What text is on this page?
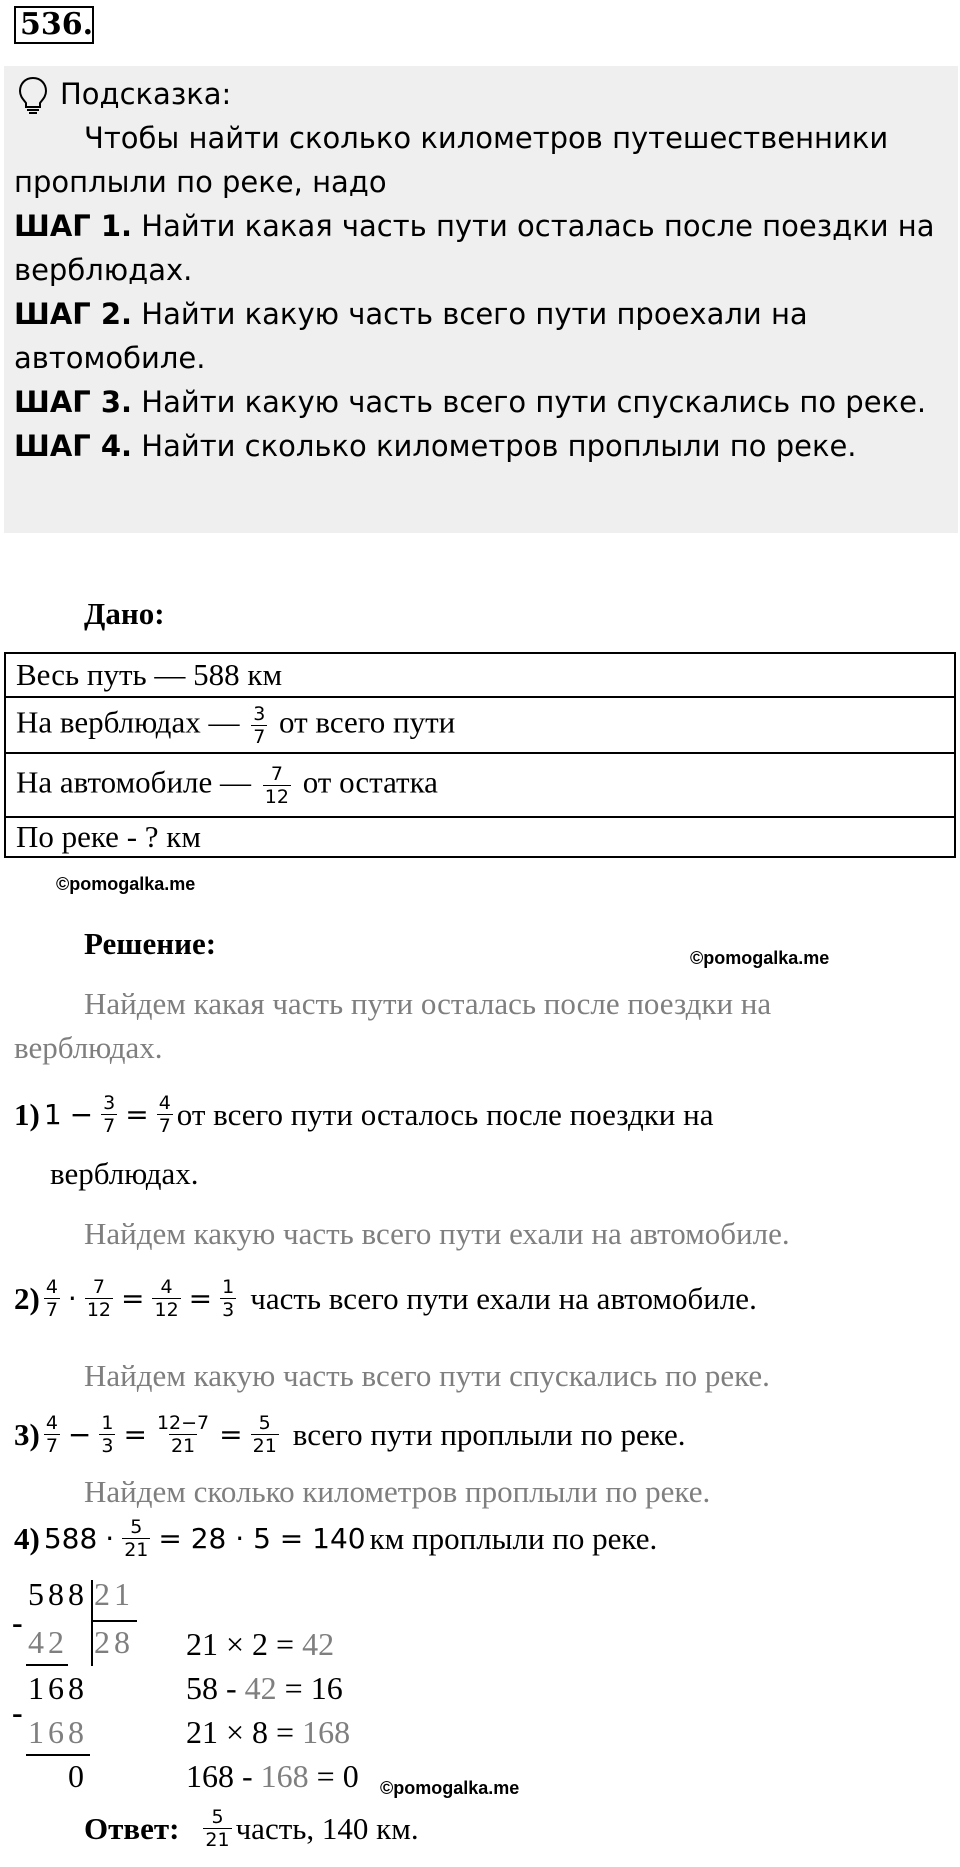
536.
Подсказка:
Чтобы найти сколько километров путешественники проплыли по реке, надо
ШАГ 1. Найти какая часть пути осталась после поездки на верблюдах.
ШАГ 2. Найти какую часть всего пути проехали на автомобиле.
ШАГ 3. Найти какую часть всего пути спускались по реке.
ШАГ 4. Найти сколько километров проплыли по реке.
Дано:
Весь путь — 588 км
На верблюдах — $\frac{3}{7}$ от всего пути
На автомобиле — $\frac{7}{12}$ от остатка
По реке - ? км
©pomogalka.me
Решение:	©pomogalka.me
Найдем какая часть пути осталась после поездки на
верблюдах.
1) $1 - \frac{3}{7} = \frac{4}{7}$ от всего пути осталось после поездки на
верблюдах.
Найдем какую часть всего пути ехали на автомобиле.
$2) \frac{4}{7} \cdot \frac{7}{12} = \frac{4}{12} = \frac{1}{3}$ часть всего пути ехали на автомобиле.
Найдем какую часть всего пути спускались по реке.
$3) \frac{4}{7} - \frac{1}{3} = \frac{12-7}{21} = \frac{5}{21}$ всего пути проплыли по реке.
Найдем сколько километров проплыли по реке.
4) $588 \cdot \frac{5}{21} = 28 \cdot 5 = 140$ км проплыли по реке.
588 21
28
-
42
168
-
168
0
21 × 2 = 42
58 - 42 = 16
21 × 8 = 168
168 - 168 = 0 ©pomogalka.me
Ответ: $\frac{5}{21}$ часть, 140 км.
